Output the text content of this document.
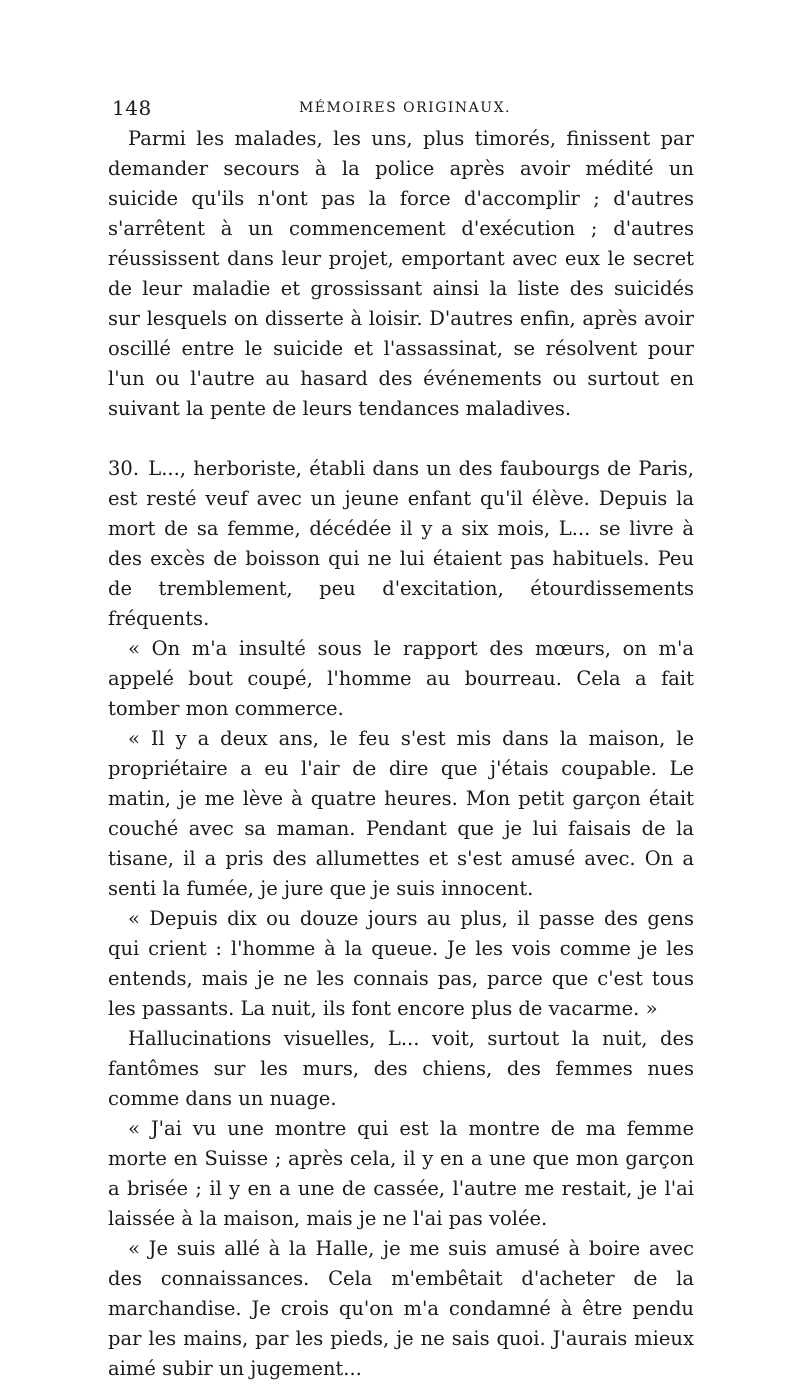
148	MÉMOIRES ORIGINAUX.

Parmi les malades, les uns, plus timorés, finissent par demander secours à la police après avoir médité un suicide qu'ils n'ont pas la force d'accomplir ; d'autres s'arrêtent à un commencement d'exécution ; d'autres réussissent dans leur projet, emportant avec eux le secret de leur maladie et grossissant ainsi la liste des suicidés sur lesquels on disserte à loisir. D'autres enfin, après avoir oscillé entre le suicide et l'assassinat, se résolvent pour l'un ou l'autre au hasard des événements ou surtout en suivant la pente de leurs tendances maladives.

30. L..., herboriste, établi dans un des faubourgs de Paris, est resté veuf avec un jeune enfant qu'il élève. Depuis la mort de sa femme, décédée il y a six mois, L... se livre à des excès de boisson qui ne lui étaient pas habituels. Peu de tremblement, peu d'excitation, étourdissements fréquents.

« On m'a insulté sous le rapport des mœurs, on m'a appelé bout coupé, l'homme au bourreau. Cela a fait tomber mon commerce.

« Il y a deux ans, le feu s'est mis dans la maison, le propriétaire a eu l'air de dire que j'étais coupable. Le matin, je me lève à quatre heures. Mon petit garçon était couché avec sa maman. Pendant que je lui faisais de la tisane, il a pris des allumettes et s'est amusé avec. On a senti la fumée, je jure que je suis innocent.

« Depuis dix ou douze jours au plus, il passe des gens qui crient : l'homme à la queue. Je les vois comme je les entends, mais je ne les connais pas, parce que c'est tous les passants. La nuit, ils font encore plus de vacarme. »

Hallucinations visuelles, L... voit, surtout la nuit, des fantômes sur les murs, des chiens, des femmes nues comme dans un nuage.

« J'ai vu une montre qui est la montre de ma femme morte en Suisse ; après cela, il y en a une que mon garçon a brisée ; il y en a une de cassée, l'autre me restait, je l'ai laissée à la maison, mais je ne l'ai pas volée.

« Je suis allé à la Halle, je me suis amusé à boire avec des connaissances. Cela m'embêtait d'acheter de la marchandise. Je crois qu'on m'a condamné à être pendu par les mains, par les pieds, je ne sais quoi. J'aurais mieux aimé subir un jugement...
